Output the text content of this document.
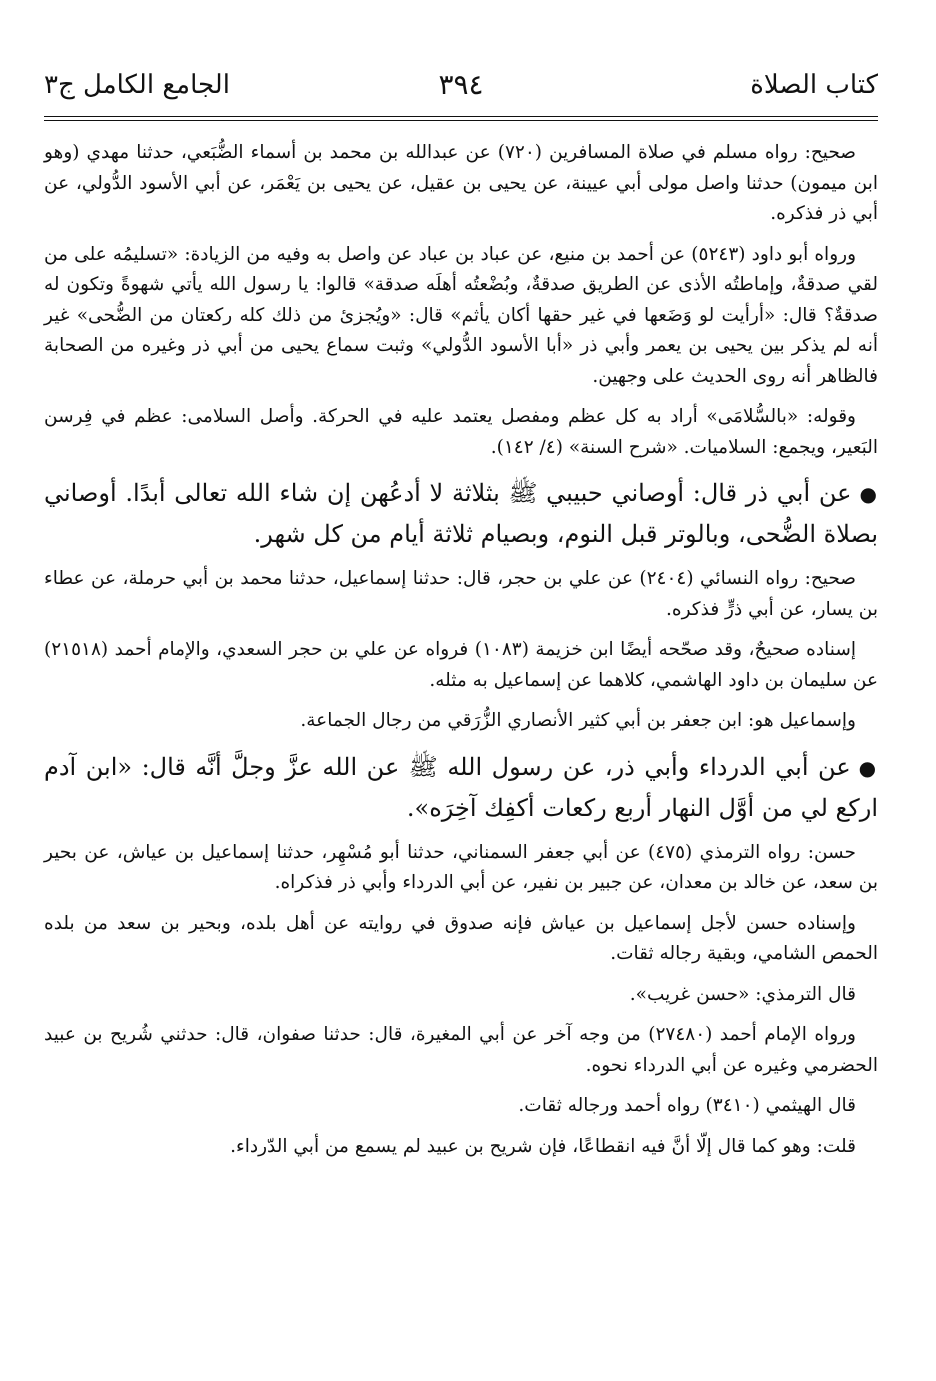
كتاب الصلاة
٣٩٤
الجامع الكامل ج٣

صحيح: رواه مسلم في صلاة المسافرين (٧٢٠) عن عبدالله بن محمد بن أسماء الضُّبَعي، حدثنا مهدي (وهو ابن ميمون) حدثنا واصل مولى أبي عيينة، عن يحيى بن عقيل، عن يحيى بن يَعْمَر، عن أبي الأسود الدُّولي، عن أبي ذر فذكره.

ورواه أبو داود (٥٢٤٣) عن أحمد بن منيع، عن عباد بن عباد عن واصل به وفيه من الزيادة: «تسليمُه على من لقي صدقةٌ، وإماطتُه الأذى عن الطريق صدقةٌ، وبُضْعتُه أهلَه صدقة» قالوا: يا رسول الله يأتي شهوةً وتكون له صدقةٌ؟ قال: «أرأيت لو وَضَعها في غير حقها أكان يأثم» قال: «ويُجزئ من ذلك كله ركعتان من الضُّحى» غير أنه لم يذكر بين يحيى بن يعمر وأبي ذر «أبا الأسود الدُّولي» وثبت سماع يحيى من أبي ذر وغيره من الصحابة فالظاهر أنه روى الحديث على وجهين.

وقوله: «بالسُّلامَى» أراد به كل عظم ومفصل يعتمد عليه في الحركة. وأصل السلامى: عظم في فِرسن البَعير، ويجمع: السلاميات. «شرح السنة» (٤/ ١٤٢).

●عن أبي ذر قال: أوصاني حبيبي ﷺ بثلاثة لا أدعُهن إن شاء الله تعالى أبدًا. أوصاني بصلاة الضُّحى، وبالوتر قبل النوم، وبصيام ثلاثة أيام من كل شهر.

صحيح: رواه النسائي (٢٤٠٤) عن علي بن حجر، قال: حدثنا إسماعيل، حدثنا محمد بن أبي حرملة، عن عطاء بن يسار، عن أبي ذرٍّ فذكره.

إسناده صحيحٌ، وقد صحّحه أيضًا ابن خزيمة (١٠٨٣) فرواه عن علي بن حجر السعدي، والإمام أحمد (٢١٥١٨) عن سليمان بن داود الهاشمي، كلاهما عن إسماعيل به مثله.

وإسماعيل هو: ابن جعفر بن أبي كثير الأنصاري الزُّرَقي من رجال الجماعة.

●عن أبي الدرداء وأبي ذر، عن رسول الله ﷺ عن الله عزَّ وجلَّ أنَّه قال: «ابن آدم اركع لي من أوَّل النهار أربع ركعات أكفِك آخِرَه».

حسن: رواه الترمذي (٤٧٥) عن أبي جعفر السمناني، حدثنا أبو مُسْهِر، حدثنا إسماعيل بن عياش، عن بحير بن سعد، عن خالد بن معدان، عن جبير بن نفير، عن أبي الدرداء وأبي ذر فذكراه.

وإسناده حسن لأجل إسماعيل بن عياش فإنه صدوق في روايته عن أهل بلده، وبحير بن سعد من بلده الحمص الشامي، وبقية رجاله ثقات.

قال الترمذي: «حسن غريب».

ورواه الإمام أحمد (٢٧٤٨٠) من وجه آخر عن أبي المغيرة، قال: حدثنا صفوان، قال: حدثني شُريح بن عبيد الحضرمي وغيره عن أبي الدرداء نحوه.

قال الهيثمي (٣٤١٠) رواه أحمد ورجاله ثقات.

قلت: وهو كما قال إلّا أنَّ فيه انقطاعًا، فإن شريح بن عبيد لم يسمع من أبي الدّرداء.
